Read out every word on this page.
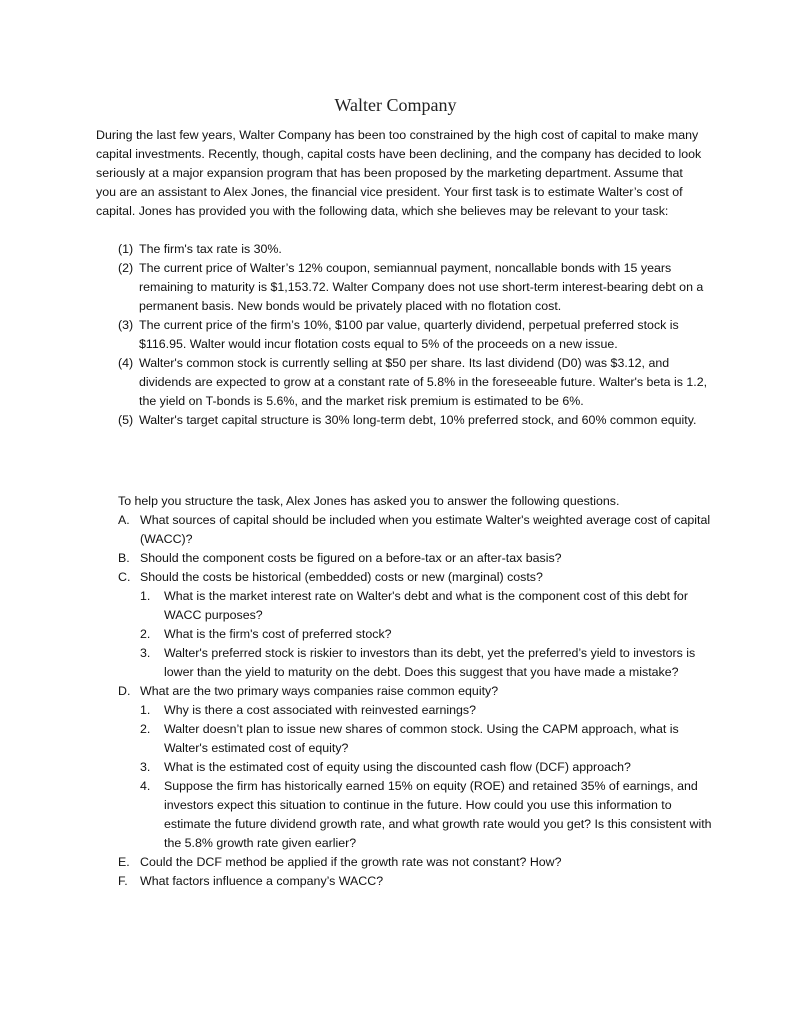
Walter Company

During the last few years, Walter Company has been too constrained by the high cost of capital to make many capital investments. Recently, though, capital costs have been declining, and the company has decided to look seriously at a major expansion program that has been proposed by the marketing department. Assume that you are an assistant to Alex Jones, the financial vice president. Your first task is to estimate Walter’s cost of capital. Jones has provided you with the following data, which she believes may be relevant to your task:

(1) The firm's tax rate is 30%.
(2) The current price of Walter’s 12% coupon, semiannual payment, noncallable bonds with 15 years remaining to maturity is $1,153.72. Walter Company does not use short-term interest-bearing debt on a permanent basis. New bonds would be privately placed with no flotation cost.
(3) The current price of the firm’s 10%, $100 par value, quarterly dividend, perpetual preferred stock is $116.95. Walter would incur flotation costs equal to 5% of the proceeds on a new issue.
(4) Walter's common stock is currently selling at $50 per share. Its last dividend (D0) was $3.12, and dividends are expected to grow at a constant rate of 5.8% in the foreseeable future. Walter's beta is 1.2, the yield on T-bonds is 5.6%, and the market risk premium is estimated to be 6%.
(5) Walter's target capital structure is 30% long-term debt, 10% preferred stock, and 60% common equity.

To help you structure the task, Alex Jones has asked you to answer the following questions.

A. What sources of capital should be included when you estimate Walter's weighted average cost of capital (WACC)?
B. Should the component costs be figured on a before-tax or an after-tax basis?
C. Should the costs be historical (embedded) costs or new (marginal) costs?
1. What is the market interest rate on Walter's debt and what is the component cost of this debt for WACC purposes?
2. What is the firm's cost of preferred stock?
3. Walter's preferred stock is riskier to investors than its debt, yet the preferred’s yield to investors is lower than the yield to maturity on the debt. Does this suggest that you have made a mistake?
D. What are the two primary ways companies raise common equity?
1. Why is there a cost associated with reinvested earnings?
2. Walter doesn’t plan to issue new shares of common stock. Using the CAPM approach, what is Walter's estimated cost of equity?
3. What is the estimated cost of equity using the discounted cash flow (DCF) approach?
4. Suppose the firm has historically earned 15% on equity (ROE) and retained 35% of earnings, and investors expect this situation to continue in the future. How could you use this information to estimate the future dividend growth rate, and what growth rate would you get? Is this consistent with the 5.8% growth rate given earlier?
E. Could the DCF method be applied if the growth rate was not constant? How?
F. What factors influence a company’s WACC?
